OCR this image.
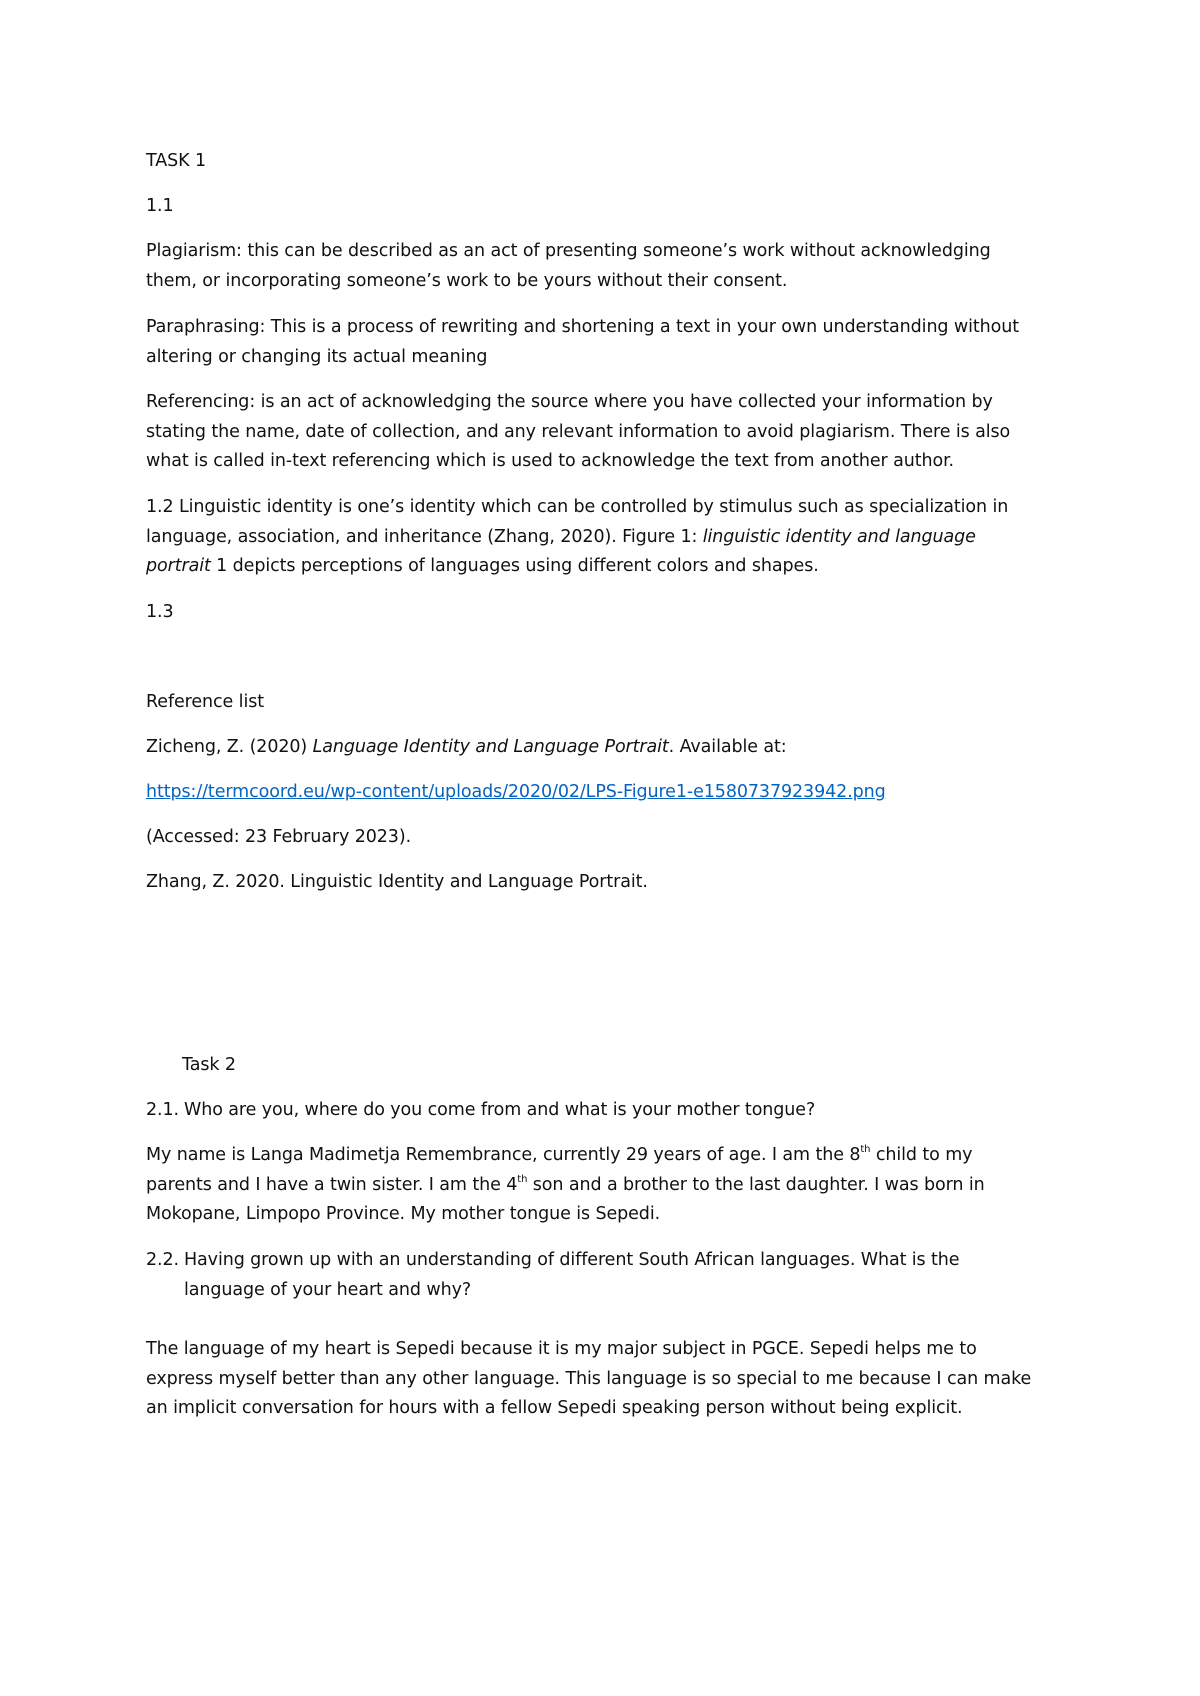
TASK 1

1.1

Plagiarism: this can be described as an act of presenting someone’s work without acknowledging
them, or incorporating someone’s work to be yours without their consent.
Paraphrasing: This is a process of rewriting and shortening a text in your own understanding without
altering or changing its actual meaning
Referencing: is an act of acknowledging the source where you have collected your information by
stating the name, date of collection, and any relevant information to avoid plagiarism. There is also
what is called in-text referencing which is used to acknowledge the text from another author.
1.2 Linguistic identity is one’s identity which can be controlled by stimulus such as specialization in
language, association, and inheritance (Zhang, 2020). Figure 1: linguistic identity and language
portrait 1 depicts perceptions of languages using different colors and shapes.

1.3

Reference list

Zicheng, Z. (2020) Language Identity and Language Portrait. Available at:

https://termcoord.eu/wp-content/uploads/2020/02/LPS-Figure1-e1580737923942.png

(Accessed: 23 February 2023).

Zhang, Z. 2020. Linguistic Identity and Language Portrait.

Task 2

2.1. Who are you, where do you come from and what is your mother tongue?
My name is Langa Madimetja Remembrance, currently 29 years of age. I am the 8th child to my
parents and I have a twin sister. I am the 4th son and a brother to the last daughter. I was born in
Mokopane, Limpopo Province. My mother tongue is Sepedi.
2.2. Having grown up with an understanding of different South African languages. What is the
language of your heart and why?
The language of my heart is Sepedi because it is my major subject in PGCE. Sepedi helps me to
express myself better than any other language. This language is so special to me because I can make
an implicit conversation for hours with a fellow Sepedi speaking person without being explicit.
